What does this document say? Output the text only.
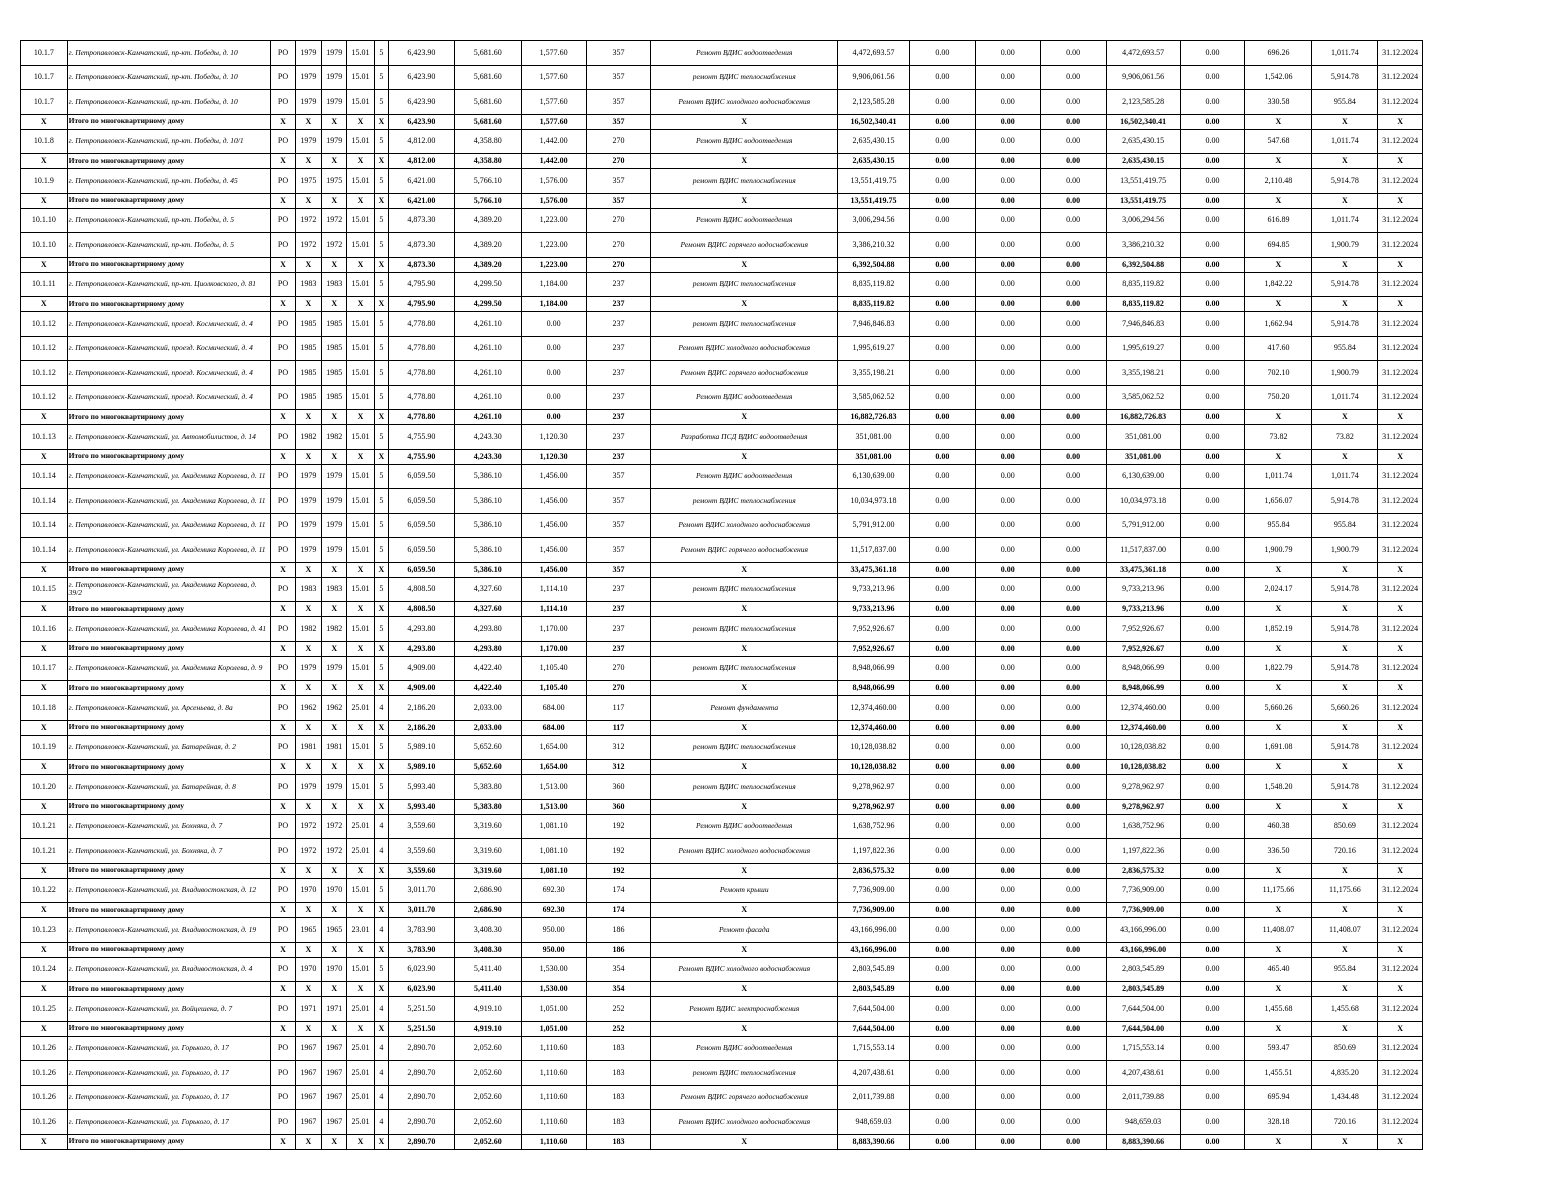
10.1.7	г. Петропавловск-Камчатский, пр-кт. Победы, д. 10	РО	1979	1979	15.01	5	6,423.90	5,681.60	1,577.60	357	Ремонт ВДИС водоотведения	4,472,693.57	0.00	0.00	0.00	4,472,693.57	0.00	696.26	1,011.74	31.12.2024
10.1.7	г. Петропавловск-Камчатский, пр-кт. Победы, д. 10	РО	1979	1979	15.01	5	6,423.90	5,681.60	1,577.60	357	ремонт ВДИС теплоснабжения	9,906,061.56	0.00	0.00	0.00	9,906,061.56	0.00	1,542.06	5,914.78	31.12.2024
10.1.7	г. Петропавловск-Камчатский, пр-кт. Победы, д. 10	РО	1979	1979	15.01	5	6,423.90	5,681.60	1,577.60	357	Ремонт ВДИС холодного водоснабжения	2,123,585.28	0.00	0.00	0.00	2,123,585.28	0.00	330.58	955.84	31.12.2024
X	Итого по многоквартирному дому	X	X	X	X	X	6,423.90	5,681.60	1,577.60	357	X	16,502,340.41	0.00	0.00	0.00	16,502,340.41	0.00	X	X	X
10.1.8	г. Петропавловск-Камчатский, пр-кт. Победы, д. 10/1	РО	1979	1979	15.01	5	4,812.00	4,358.80	1,442.00	270	Ремонт ВДИС водоотведения	2,635,430.15	0.00	0.00	0.00	2,635,430.15	0.00	547.68	1,011.74	31.12.2024
X	Итого по многоквартирному дому	X	X	X	X	X	4,812.00	4,358.80	1,442.00	270	X	2,635,430.15	0.00	0.00	0.00	2,635,430.15	0.00	X	X	X
10.1.9	г. Петропавловск-Камчатский, пр-кт. Победы, д. 45	РО	1975	1975	15.01	5	6,421.00	5,766.10	1,576.00	357	ремонт ВДИС теплоснабжения	13,551,419.75	0.00	0.00	0.00	13,551,419.75	0.00	2,110.48	5,914.78	31.12.2024
X	Итого по многоквартирному дому	X	X	X	X	X	6,421.00	5,766.10	1,576.00	357	X	13,551,419.75	0.00	0.00	0.00	13,551,419.75	0.00	X	X	X
10.1.10	г. Петропавловск-Камчатский, пр-кт. Победы, д. 5	РО	1972	1972	15.01	5	4,873.30	4,389.20	1,223.00	270	Ремонт ВДИС водоотведения	3,006,294.56	0.00	0.00	0.00	3,006,294.56	0.00	616.89	1,011.74	31.12.2024
10.1.10	г. Петропавловск-Камчатский, пр-кт. Победы, д. 5	РО	1972	1972	15.01	5	4,873.30	4,389.20	1,223.00	270	Ремонт ВДИС горячего водоснабжения	3,386,210.32	0.00	0.00	0.00	3,386,210.32	0.00	694.85	1,900.79	31.12.2024
X	Итого по многоквартирному дому	X	X	X	X	X	4,873.30	4,389.20	1,223.00	270	X	6,392,504.88	0.00	0.00	0.00	6,392,504.88	0.00	X	X	X
10.1.11	г. Петропавловск-Камчатский, пр-кт. Циолковского, д. 81	РО	1983	1983	15.01	5	4,795.90	4,299.50	1,184.00	237	ремонт ВДИС теплоснабжения	8,835,119.82	0.00	0.00	0.00	8,835,119.82	0.00	1,842.22	5,914.78	31.12.2024
X	Итого по многоквартирному дому	X	X	X	X	X	4,795.90	4,299.50	1,184.00	237	X	8,835,119.82	0.00	0.00	0.00	8,835,119.82	0.00	X	X	X
10.1.12	г. Петропавловск-Камчатский, проезд. Космический, д. 4	РО	1985	1985	15.01	5	4,778.80	4,261.10	0.00	237	ремонт ВДИС теплоснабжения	7,946,846.83	0.00	0.00	0.00	7,946,846.83	0.00	1,662.94	5,914.78	31.12.2024
10.1.12	г. Петропавловск-Камчатский, проезд. Космический, д. 4	РО	1985	1985	15.01	5	4,778.80	4,261.10	0.00	237	Ремонт ВДИС холодного водоснабжения	1,995,619.27	0.00	0.00	0.00	1,995,619.27	0.00	417.60	955.84	31.12.2024
10.1.12	г. Петропавловск-Камчатский, проезд. Космический, д. 4	РО	1985	1985	15.01	5	4,778.80	4,261.10	0.00	237	Ремонт ВДИС горячего водоснабжения	3,355,198.21	0.00	0.00	0.00	3,355,198.21	0.00	702.10	1,900.79	31.12.2024
10.1.12	г. Петропавловск-Камчатский, проезд. Космический, д. 4	РО	1985	1985	15.01	5	4,778.80	4,261.10	0.00	237	Ремонт ВДИС водоотведения	3,585,062.52	0.00	0.00	0.00	3,585,062.52	0.00	750.20	1,011.74	31.12.2024
X	Итого по многоквартирному дому	X	X	X	X	X	4,778.80	4,261.10	0.00	237	X	16,882,726.83	0.00	0.00	0.00	16,882,726.83	0.00	X	X	X
10.1.13	г. Петропавловск-Камчатский, ул. Автомобилистов, д. 14	РО	1982	1982	15.01	5	4,755.90	4,243.30	1,120.30	237	Разработка ПСД ВДИС водоотведения	351,081.00	0.00	0.00	0.00	351,081.00	0.00	73.82	73.82	31.12.2024
X	Итого по многоквартирному дому	X	X	X	X	X	4,755.90	4,243.30	1,120.30	237	X	351,081.00	0.00	0.00	0.00	351,081.00	0.00	X	X	X
10.1.14	г. Петропавловск-Камчатский, ул. Академика Королева, д. 11	РО	1979	1979	15.01	5	6,059.50	5,386.10	1,456.00	357	Ремонт ВДИС водоотведения	6,130,639.00	0.00	0.00	0.00	6,130,639.00	0.00	1,011.74	1,011.74	31.12.2024
10.1.14	г. Петропавловск-Камчатский, ул. Академика Королева, д. 11	РО	1979	1979	15.01	5	6,059.50	5,386.10	1,456.00	357	ремонт ВДИС теплоснабжения	10,034,973.18	0.00	0.00	0.00	10,034,973.18	0.00	1,656.07	5,914.78	31.12.2024
10.1.14	г. Петропавловск-Камчатский, ул. Академика Королева, д. 11	РО	1979	1979	15.01	5	6,059.50	5,386.10	1,456.00	357	Ремонт ВДИС холодного водоснабжения	5,791,912.00	0.00	0.00	0.00	5,791,912.00	0.00	955.84	955.84	31.12.2024
10.1.14	г. Петропавловск-Камчатский, ул. Академика Королева, д. 11	РО	1979	1979	15.01	5	6,059.50	5,386.10	1,456.00	357	Ремонт ВДИС горячего водоснабжения	11,517,837.00	0.00	0.00	0.00	11,517,837.00	0.00	1,900.79	1,900.79	31.12.2024
X	Итого по многоквартирному дому	X	X	X	X	X	6,059.50	5,386.10	1,456.00	357	X	33,475,361.18	0.00	0.00	0.00	33,475,361.18	0.00	X	X	X
10.1.15	г. Петропавловск-Камчатский, ул. Академика Королева, д. 39/2	РО	1983	1983	15.01	5	4,808.50	4,327.60	1,114.10	237	ремонт ВДИС теплоснабжения	9,733,213.96	0.00	0.00	0.00	9,733,213.96	0.00	2,024.17	5,914.78	31.12.2024
X	Итого по многоквартирному дому	X	X	X	X	X	4,808.50	4,327.60	1,114.10	237	X	9,733,213.96	0.00	0.00	0.00	9,733,213.96	0.00	X	X	X
10.1.16	г. Петропавловск-Камчатский, ул. Академика Королева, д. 41	РО	1982	1982	15.01	5	4,293.80	4,293.80	1,170.00	237	ремонт ВДИС теплоснабжения	7,952,926.67	0.00	0.00	0.00	7,952,926.67	0.00	1,852.19	5,914.78	31.12.2024
X	Итого по многоквартирному дому	X	X	X	X	X	4,293.80	4,293.80	1,170.00	237	X	7,952,926.67	0.00	0.00	0.00	7,952,926.67	0.00	X	X	X
10.1.17	г. Петропавловск-Камчатский, ул. Академика Королева, д. 9	РО	1979	1979	15.01	5	4,909.00	4,422.40	1,105.40	270	ремонт ВДИС теплоснабжения	8,948,066.99	0.00	0.00	0.00	8,948,066.99	0.00	1,822.79	5,914.78	31.12.2024
X	Итого по многоквартирному дому	X	X	X	X	X	4,909.00	4,422.40	1,105.40	270	X	8,948,066.99	0.00	0.00	0.00	8,948,066.99	0.00	X	X	X
10.1.18	г. Петропавловск-Камчатский, ул. Арсеньева, д. 8а	РО	1962	1962	25.01	4	2,186.20	2,033.00	684.00	117	Ремонт фундамента	12,374,460.00	0.00	0.00	0.00	12,374,460.00	0.00	5,660.26	5,660.26	31.12.2024
X	Итого по многоквартирному дому	X	X	X	X	X	2,186.20	2,033.00	684.00	117	X	12,374,460.00	0.00	0.00	0.00	12,374,460.00	0.00	X	X	X
10.1.19	г. Петропавловск-Камчатский, ул. Батарейная, д. 2	РО	1981	1981	15.01	5	5,989.10	5,652.60	1,654.00	312	ремонт ВДИС теплоснабжения	10,128,038.82	0.00	0.00	0.00	10,128,038.82	0.00	1,691.08	5,914.78	31.12.2024
X	Итого по многоквартирному дому	X	X	X	X	X	5,989.10	5,652.60	1,654.00	312	X	10,128,038.82	0.00	0.00	0.00	10,128,038.82	0.00	X	X	X
10.1.20	г. Петропавловск-Камчатский, ул. Батарейная, д. 8	РО	1979	1979	15.01	5	5,993.40	5,383.80	1,513.00	360	ремонт ВДИС теплоснабжения	9,278,962.97	0.00	0.00	0.00	9,278,962.97	0.00	1,548.20	5,914.78	31.12.2024
X	Итого по многоквартирному дому	X	X	X	X	X	5,993.40	5,383.80	1,513.00	360	X	9,278,962.97	0.00	0.00	0.00	9,278,962.97	0.00	X	X	X
10.1.21	г. Петропавловск-Камчатский, ул. Бохняка, д. 7	РО	1972	1972	25.01	4	3,559.60	3,319.60	1,081.10	192	Ремонт ВДИС водоотведения	1,638,752.96	0.00	0.00	0.00	1,638,752.96	0.00	460.38	850.69	31.12.2024
10.1.21	г. Петропавловск-Камчатский, ул. Бохняка, д. 7	РО	1972	1972	25.01	4	3,559.60	3,319.60	1,081.10	192	Ремонт ВДИС холодного водоснабжения	1,197,822.36	0.00	0.00	0.00	1,197,822.36	0.00	336.50	720.16	31.12.2024
X	Итого по многоквартирному дому	X	X	X	X	X	3,559.60	3,319.60	1,081.10	192	X	2,836,575.32	0.00	0.00	0.00	2,836,575.32	0.00	X	X	X
10.1.22	г. Петропавловск-Камчатский, ул. Владивостокская, д. 12	РО	1970	1970	15.01	5	3,011.70	2,686.90	692.30	174	Ремонт крыши	7,736,909.00	0.00	0.00	0.00	7,736,909.00	0.00	11,175.66	11,175.66	31.12.2024
X	Итого по многоквартирному дому	X	X	X	X	X	3,011.70	2,686.90	692.30	174	X	7,736,909.00	0.00	0.00	0.00	7,736,909.00	0.00	X	X	X
10.1.23	г. Петропавловск-Камчатский, ул. Владивостокская, д. 19	РО	1965	1965	23.01	4	3,783.90	3,408.30	950.00	186	Ремонт фасада	43,166,996.00	0.00	0.00	0.00	43,166,996.00	0.00	11,408.07	11,408.07	31.12.2024
X	Итого по многоквартирному дому	X	X	X	X	X	3,783.90	3,408.30	950.00	186	X	43,166,996.00	0.00	0.00	0.00	43,166,996.00	0.00	X	X	X
10.1.24	г. Петропавловск-Камчатский, ул. Владивостокская, д. 4	РО	1970	1970	15.01	5	6,023.90	5,411.40	1,530.00	354	Ремонт ВДИС холодного водоснабжения	2,803,545.89	0.00	0.00	0.00	2,803,545.89	0.00	465.40	955.84	31.12.2024
X	Итого по многоквартирному дому	X	X	X	X	X	6,023.90	5,411.40	1,530.00	354	X	2,803,545.89	0.00	0.00	0.00	2,803,545.89	0.00	X	X	X
10.1.25	г. Петропавловск-Камчатский, ул. Войцешека, д. 7	РО	1971	1971	25.01	4	5,251.50	4,919.10	1,051.00	252	Ремонт ВДИС электроснабжения	7,644,504.00	0.00	0.00	0.00	7,644,504.00	0.00	1,455.68	1,455.68	31.12.2024
X	Итого по многоквартирному дому	X	X	X	X	X	5,251.50	4,919.10	1,051.00	252	X	7,644,504.00	0.00	0.00	0.00	7,644,504.00	0.00	X	X	X
10.1.26	г. Петропавловск-Камчатский, ул. Горького, д. 17	РО	1967	1967	25.01	4	2,890.70	2,052.60	1,110.60	183	Ремонт ВДИС водоотведения	1,715,553.14	0.00	0.00	0.00	1,715,553.14	0.00	593.47	850.69	31.12.2024
10.1.26	г. Петропавловск-Камчатский, ул. Горького, д. 17	РО	1967	1967	25.01	4	2,890.70	2,052.60	1,110.60	183	ремонт ВДИС теплоснабжения	4,207,438.61	0.00	0.00	0.00	4,207,438.61	0.00	1,455.51	4,835.20	31.12.2024
10.1.26	г. Петропавловск-Камчатский, ул. Горького, д. 17	РО	1967	1967	25.01	4	2,890.70	2,052.60	1,110.60	183	Ремонт ВДИС горячего водоснабжения	2,011,739.88	0.00	0.00	0.00	2,011,739.88	0.00	695.94	1,434.48	31.12.2024
10.1.26	г. Петропавловск-Камчатский, ул. Горького, д. 17	РО	1967	1967	25.01	4	2,890.70	2,052.60	1,110.60	183	Ремонт ВДИС холодного водоснабжения	948,659.03	0.00	0.00	0.00	948,659.03	0.00	328.18	720.16	31.12.2024
X	Итого по многоквартирному дому	X	X	X	X	X	2,890.70	2,052.60	1,110.60	183	X	8,883,390.66	0.00	0.00	0.00	8,883,390.66	0.00	X	X	X
